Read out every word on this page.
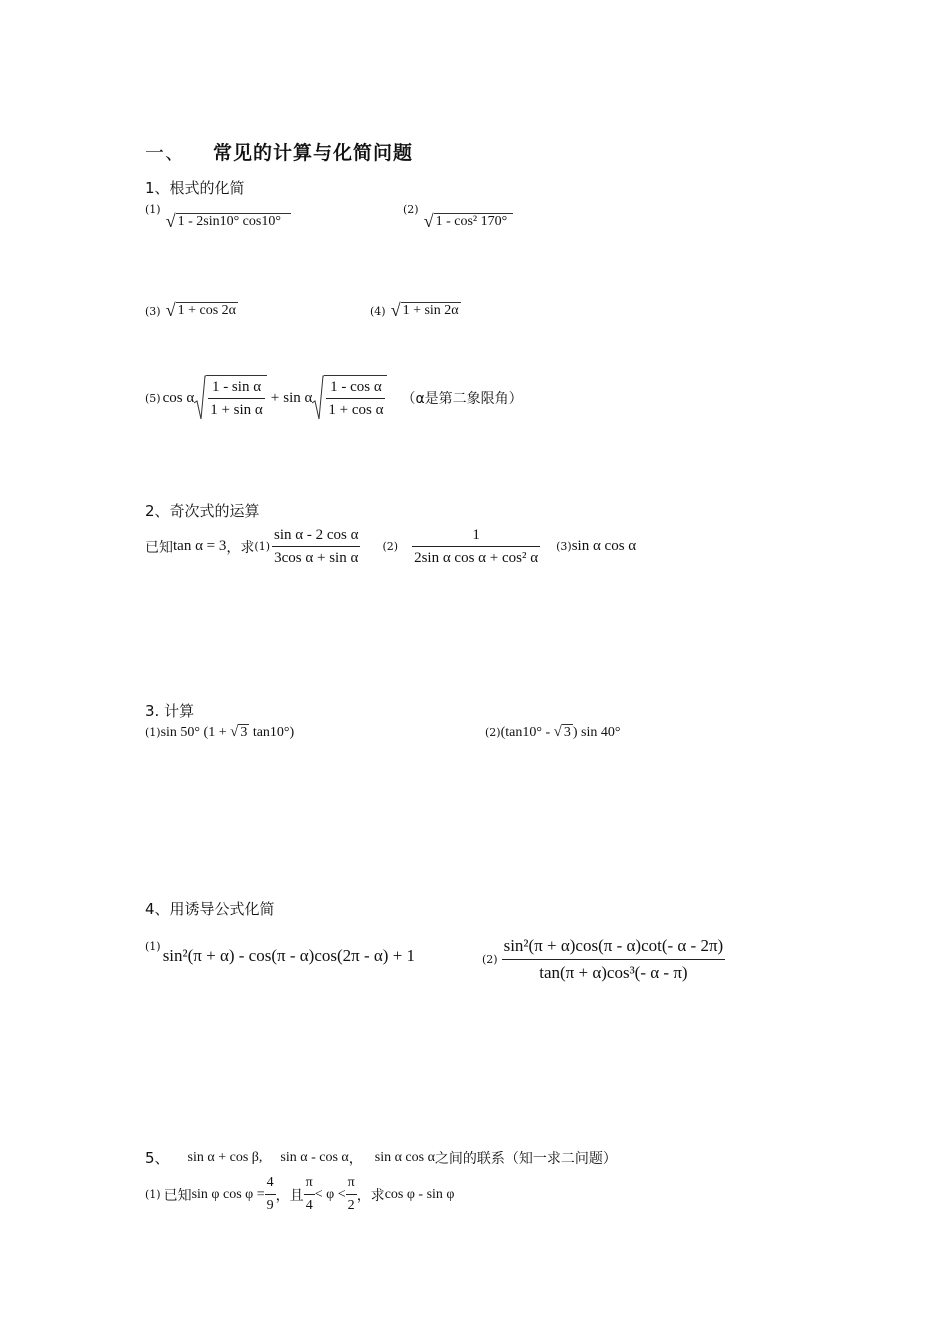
一、 常见的计算与化简问题
1、根式的化简
$^{(1)}$ √ 1 - 2sin10° cos10°
$^{(2)}$ √ 1 - cos² 170°
(3) √ 1 + cos 2α	(4) √ 1 + sin 2α
(5) cos α $\frac{\text{1 - sin α}}{\text{1 + sin α}} + \sin \alpha \frac{\text{1 - cos α}}{\text{1 + cos α}} (\alpha$是第二象限角）
2、奇次式的运算
已知 tan α = 3 ，求 $(1) \frac{\text{sin α - 2 cos α}}{\text{3cos α + sin α}} (2) \frac{1}{\text{2sin α cos α + cos² α}} (3)$ sin α cos α
3. 计算
(1)sin 50° (1 + √ 3 tan10°)	(2)(tan10° - √ 3 ) sin 40°
4、用诱导公式化简
$^{(1)}$ sin²(π + α) - cos(π - α)cos(2π - α) + 1	$(2) \frac{\text{sin²(π + α)cos(π - α)cot(- α - 2π)}}{\text{tan(π + α)cos³(- α - π)}}$
5、 sin α + cos β, sin α - cos α ， sin α cos α 之间的联系（知一求二问题）
(1) 已知 sin φ $\cos \varphi = \frac{4}{9}$ ，且 $\frac{\pi}{4} < \varphi < \frac{\pi}{2}$ ，求 cos φ - sin φ
